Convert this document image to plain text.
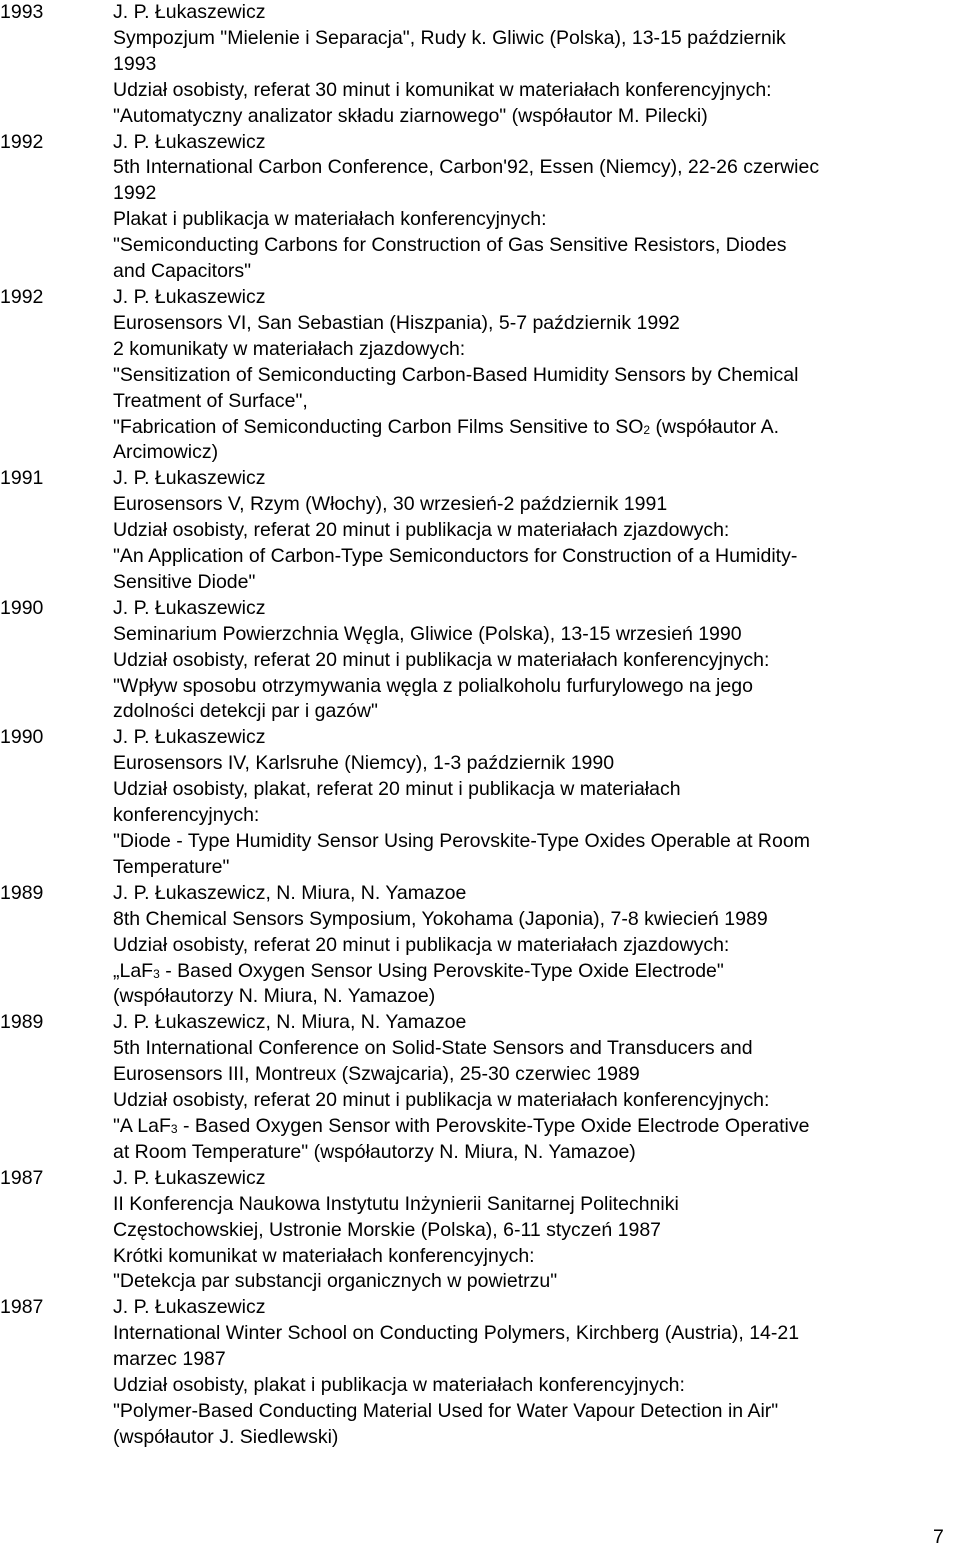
1993	J. P. Łukaszewicz
Sympozjum "Mielenie i Separacja", Rudy k. Gliwic (Polska), 13-15 październik
1993
Udział osobisty, referat 30 minut i komunikat w materiałach konferencyjnych:
"Automatyczny analizator składu ziarnowego" (współautor M. Pilecki)
1992	J. P. Łukaszewicz
5th International Carbon Conference, Carbon'92, Essen (Niemcy), 22-26 czerwiec
1992
Plakat i publikacja w materiałach konferencyjnych:
"Semiconducting Carbons for Construction of Gas Sensitive Resistors, Diodes
and Capacitors"
1992	J. P. Łukaszewicz
Eurosensors VI, San Sebastian (Hiszpania), 5-7 październik 1992
2 komunikaty w materiałach zjazdowych:
"Sensitization of Semiconducting Carbon-Based Humidity Sensors by Chemical
Treatment of Surface",
"Fabrication of Semiconducting Carbon Films Sensitive to $SO_2$ (współautor A.
Arcimowicz)
1991	J. P. Łukaszewicz
Eurosensors V, Rzym (Włochy), 30 wrzesień-2 październik 1991
Udział osobisty, referat 20 minut i publikacja w materiałach zjazdowych:
"An Application of Carbon-Type Semiconductors for Construction of a Humidity-
Sensitive Diode"
1990	J. P. Łukaszewicz
Seminarium Powierzchnia Węgla, Gliwice (Polska), 13-15 wrzesień 1990
Udział osobisty, referat 20 minut i publikacja w materiałach konferencyjnych:
"Wpływ sposobu otrzymywania węgla z polialkoholu furfurylowego na jego
zdolności detekcji par i gazów"
1990	J. P. Łukaszewicz
Eurosensors IV, Karlsruhe (Niemcy), 1-3 październik 1990
Udział osobisty, plakat, referat 20 minut i publikacja w materiałach
konferencyjnych:
"Diode - Type Humidity Sensor Using Perovskite-Type Oxides Operable at Room
Temperature"
1989	J. P. Łukaszewicz, N. Miura, N. Yamazoe
8th Chemical Sensors Symposium, Yokohama (Japonia), 7-8 kwiecień 1989
Udział osobisty, referat 20 minut i publikacja w materiałach zjazdowych:
„LaF$_3$ - Based Oxygen Sensor Using Perovskite-Type Oxide Electrode"
(współautorzy N. Miura, N. Yamazoe)
1989	J. P. Łukaszewicz, N. Miura, N. Yamazoe
5th International Conference on Solid-State Sensors and Transducers and
Eurosensors III, Montreux (Szwajcaria), 25-30 czerwiec 1989
Udział osobisty, referat 20 minut i publikacja w materiałach konferencyjnych:
"A LaF$_3$ - Based Oxygen Sensor with Perovskite-Type Oxide Electrode Operative
at Room Temperature" (współautorzy N. Miura, N. Yamazoe)
1987	J. P. Łukaszewicz
II Konferencja Naukowa Instytutu Inżynierii Sanitarnej Politechniki
Częstochowskiej, Ustronie Morskie (Polska), 6-11 styczeń 1987
Krótki komunikat w materiałach konferencyjnych:
"Detekcja par substancji organicznych w powietrzu"
1987	J. P. Łukaszewicz
International Winter School on Conducting Polymers, Kirchberg (Austria), 14-21
marzec 1987
Udział osobisty, plakat i publikacja w materiałach konferencyjnych:
"Polymer-Based Conducting Material Used for Water Vapour Detection in Air"
(współautor J. Siedlewski)
7
